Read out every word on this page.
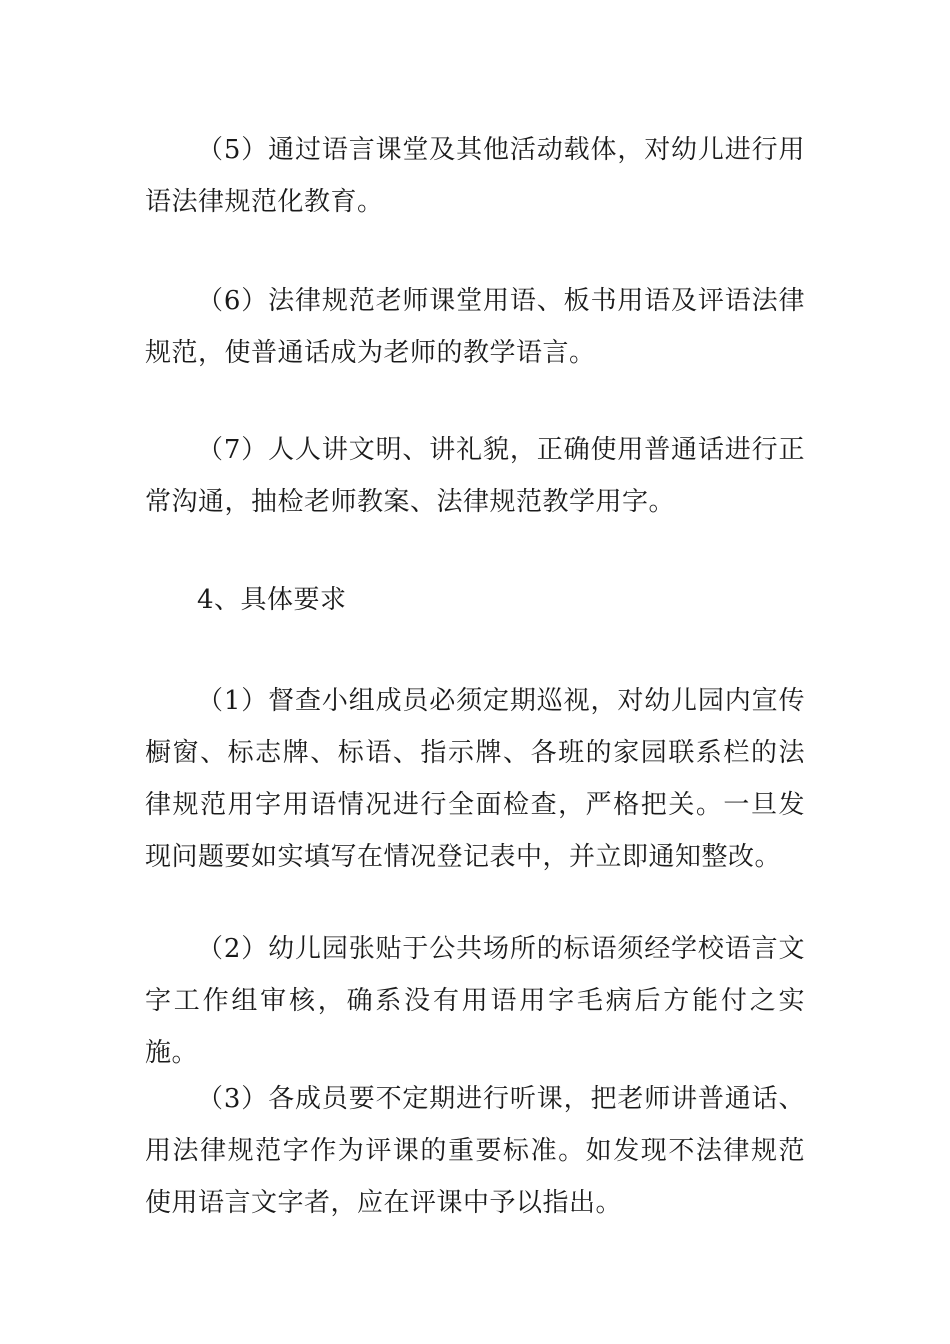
（5）通过语言课堂及其他活动载体，对幼儿进行用语法律规范化教育。

（6）法律规范老师课堂用语、板书用语及评语法律规范，使普通话成为老师的教学语言。

（7）人人讲文明、讲礼貌，正确使用普通话进行正常沟通，抽检老师教案、法律规范教学用字。

4、具体要求

（1）督查小组成员必须定期巡视，对幼儿园内宣传橱窗、标志牌、标语、指示牌、各班的家园联系栏的法律规范用字用语情况进行全面检查，严格把关。一旦发现问题要如实填写在情况登记表中，并立即通知整改。

（2）幼儿园张贴于公共场所的标语须经学校语言文字工作组审核，确系没有用语用字毛病后方能付之实施。

（3）各成员要不定期进行听课，把老师讲普通话、用法律规范字作为评课的重要标准。如发现不法律规范使用语言文字者，应在评课中予以指出。
